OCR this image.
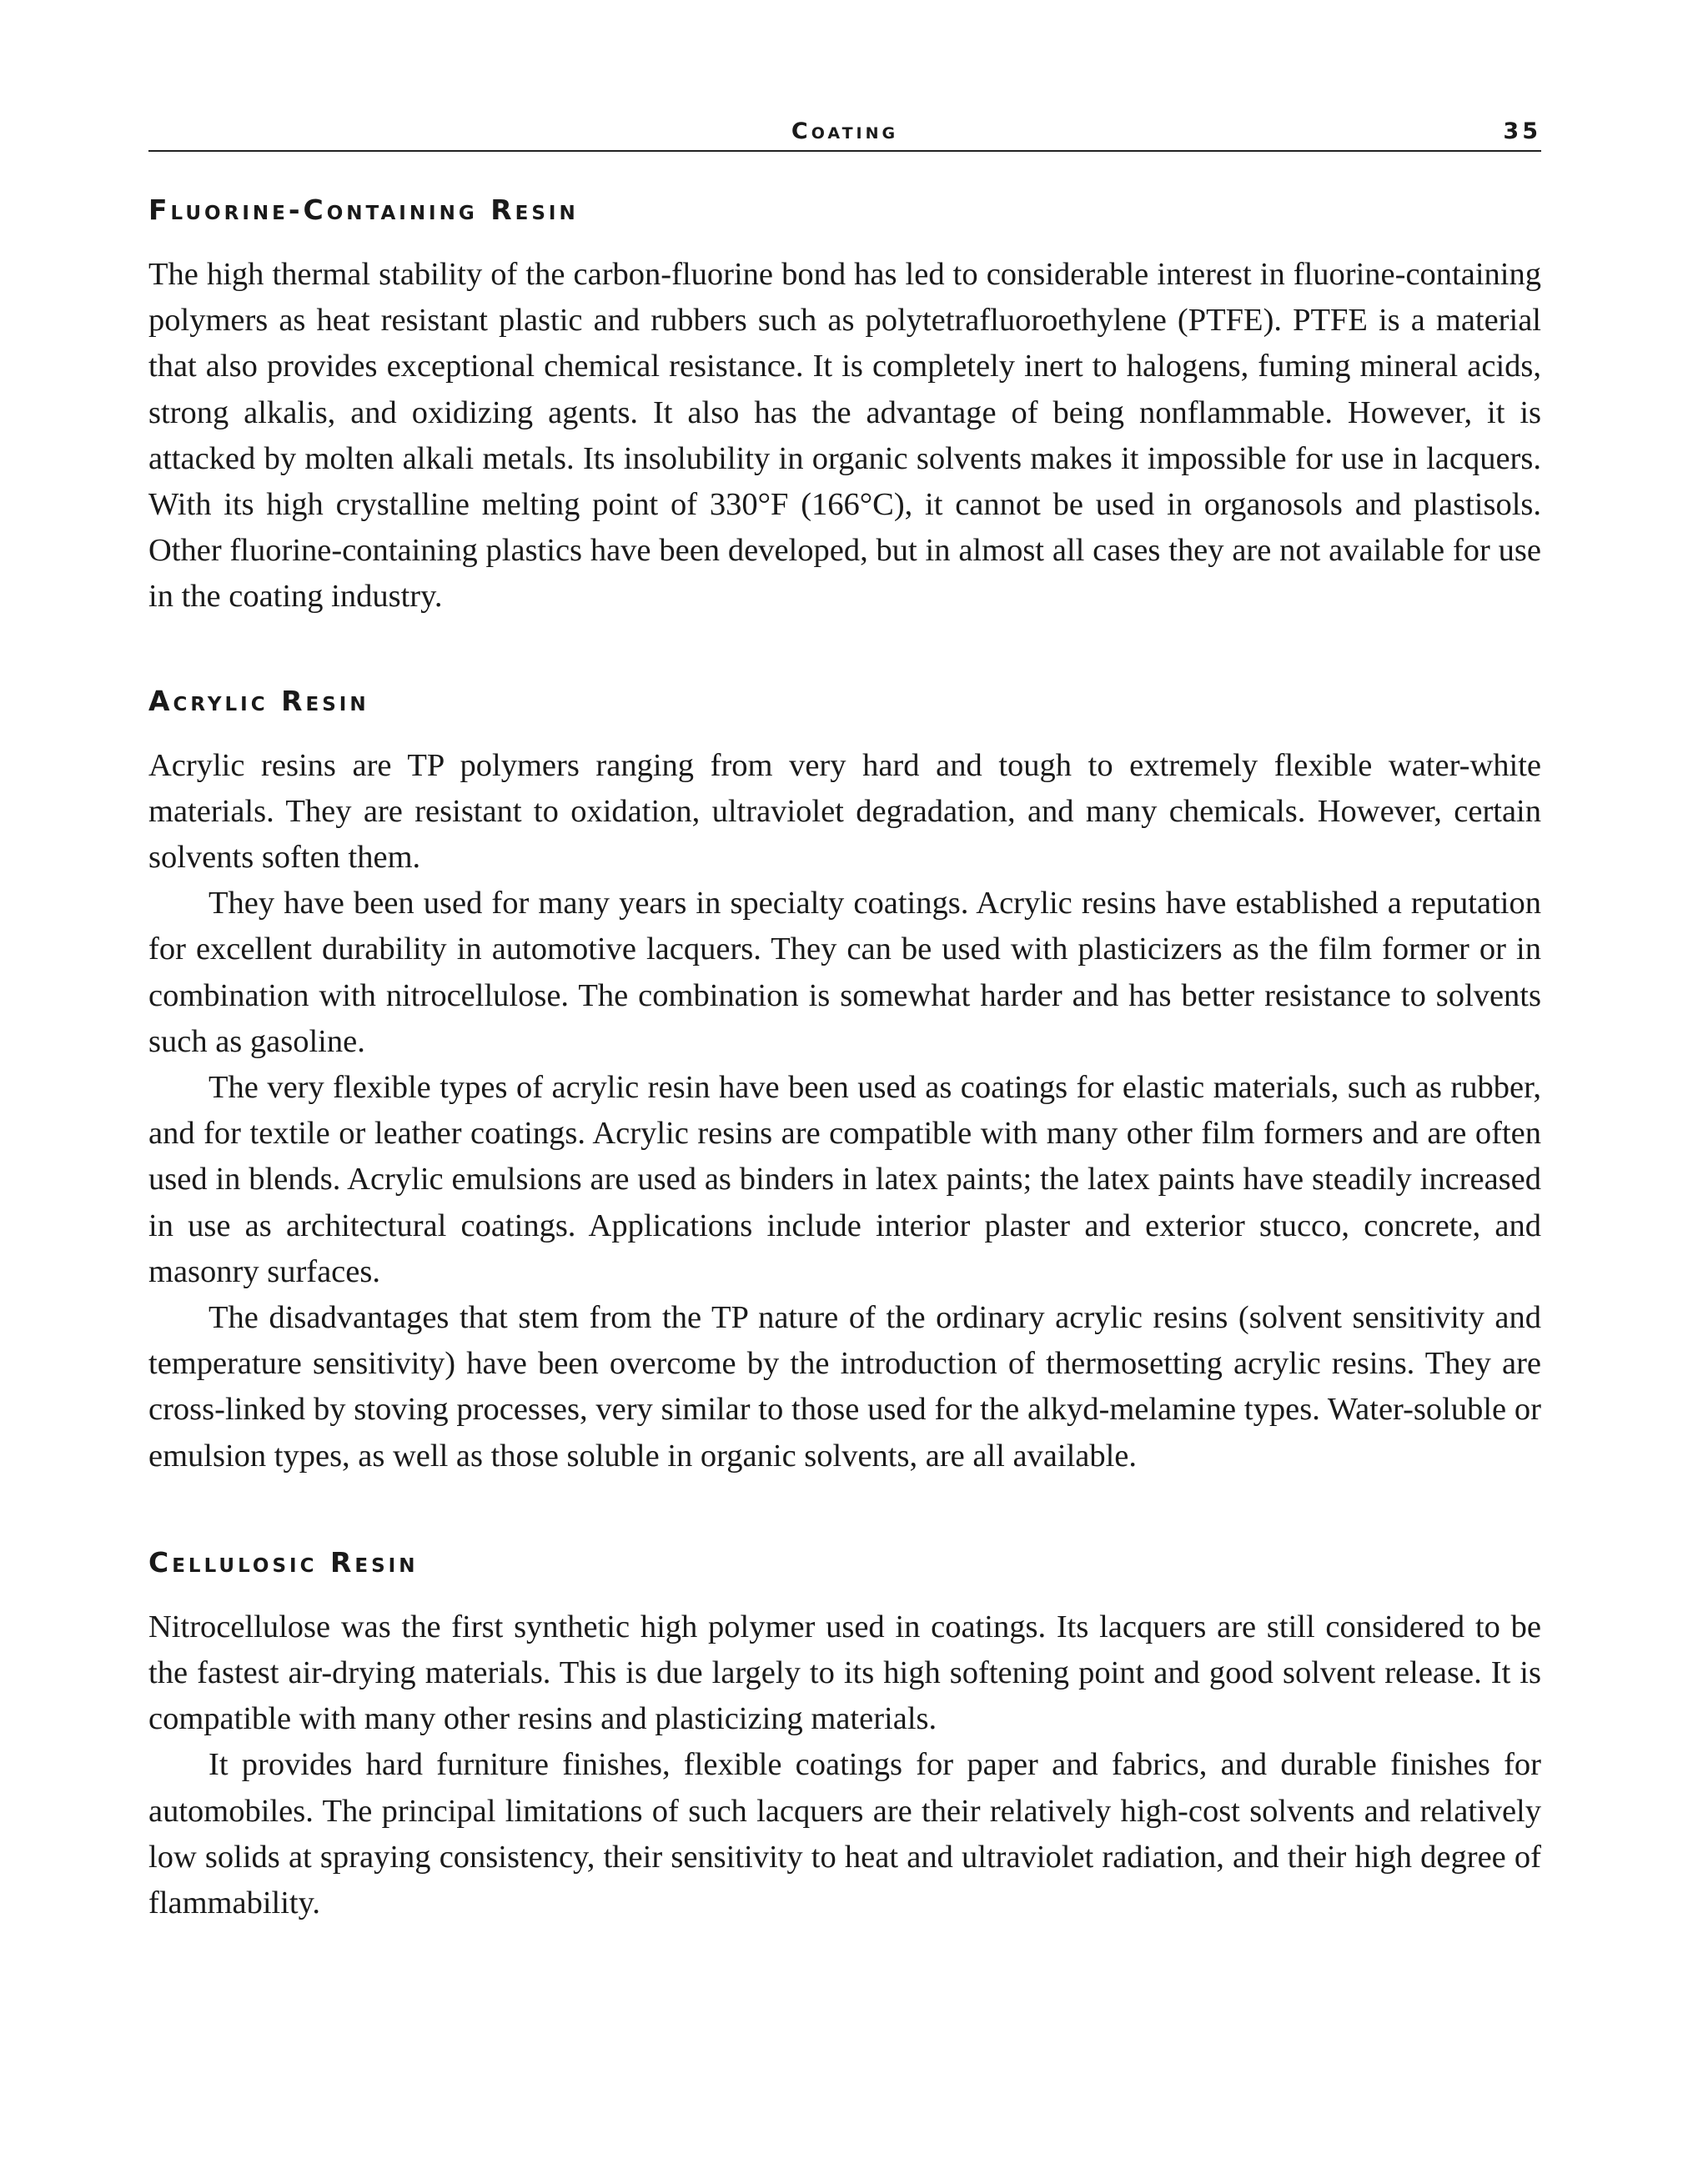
Coating	35
Fluorine-Containing Resin

The high thermal stability of the carbon-fluorine bond has led to considerable interest in fluorine-containing polymers as heat resistant plastic and rubbers such as polytetrafluoroethylene (PTFE). PTFE is a material that also provides exceptional chemical resistance. It is completely inert to halogens, fuming mineral acids, strong alkalis, and oxidizing agents. It also has the advantage of being nonflammable. However, it is attacked by molten alkali metals. Its insolubility in organic solvents makes it impossible for use in lacquers. With its high crystalline melting point of 330°F (166°C), it cannot be used in organosols and plastisols. Other fluorine-containing plastics have been developed, but in almost all cases they are not available for use in the coating industry.

Acrylic Resin

Acrylic resins are TP polymers ranging from very hard and tough to extremely flexible water-white materials. They are resistant to oxidation, ultraviolet degradation, and many chemicals. However, certain solvents soften them.

They have been used for many years in specialty coatings. Acrylic resins have established a reputation for excellent durability in automotive lacquers. They can be used with plasticizers as the film former or in combination with nitrocellulose. The combination is somewhat harder and has better resistance to solvents such as gasoline.

The very flexible types of acrylic resin have been used as coatings for elastic materials, such as rubber, and for textile or leather coatings. Acrylic resins are compatible with many other film formers and are often used in blends. Acrylic emulsions are used as binders in latex paints; the latex paints have steadily increased in use as architectural coatings. Applications include interior plaster and exterior stucco, concrete, and masonry surfaces.

The disadvantages that stem from the TP nature of the ordinary acrylic resins (solvent sensitivity and temperature sensitivity) have been overcome by the introduction of thermosetting acrylic resins. They are cross-linked by stoving processes, very similar to those used for the alkyd-melamine types. Water-soluble or emulsion types, as well as those soluble in organic solvents, are all available.

Cellulosic Resin

Nitrocellulose was the first synthetic high polymer used in coatings. Its lacquers are still considered to be the fastest air-drying materials. This is due largely to its high softening point and good solvent release. It is compatible with many other resins and plasticizing materials.

It provides hard furniture finishes, flexible coatings for paper and fabrics, and durable finishes for automobiles. The principal limitations of such lacquers are their relatively high-cost solvents and relatively low solids at spraying consistency, their sensitivity to heat and ultraviolet radiation, and their high degree of flammability.
